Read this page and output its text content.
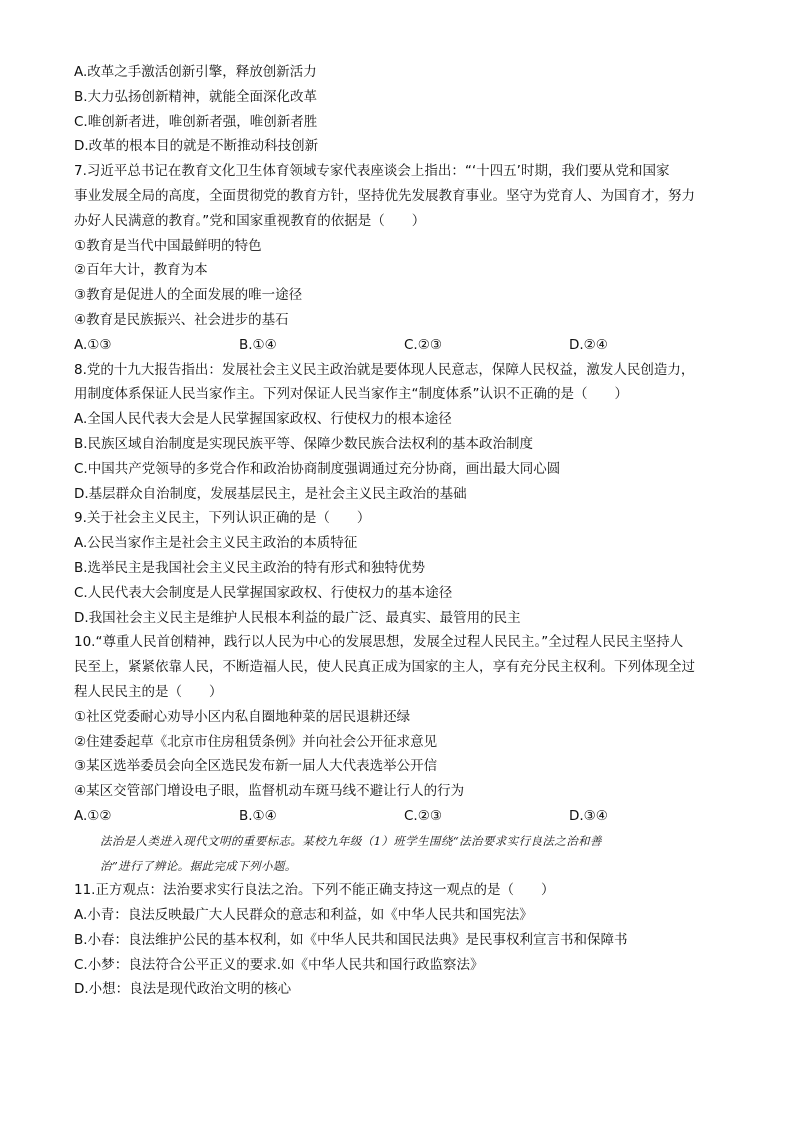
A.改革之手激活创新引擎，释放创新活力
B.大力弘扬创新精神，就能全面深化改革
C.唯创新者进，唯创新者强，唯创新者胜
D.改革的根本目的就是不断推动科技创新
7.习近平总书记在教育文化卫生体育领域专家代表座谈会上指出：“‘十四五’时期，我们要从党和国家
事业发展全局的高度，全面贯彻党的教育方针，坚持优先发展教育事业。坚守为党育人、为国育才，努力
办好人民满意的教育。”党和国家重视教育的依据是（　　）
①教育是当代中国最鲜明的特色
②百年大计，教育为本
③教育是促进人的全面发展的唯一途径
④教育是民族振兴、社会进步的基石
A.①③	B.①④	C.②③	D.②④
8.党的十九大报告指出：发展社会主义民主政治就是要体现人民意志，保障人民权益，激发人民创造力，
用制度体系保证人民当家作主。下列对保证人民当家作主“制度体系”认识不正确的是（　　）
A.全国人民代表大会是人民掌握国家政权、行使权力的根本途径
B.民族区域自治制度是实现民族平等、保障少数民族合法权利的基本政治制度
C.中国共产党领导的多党合作和政治协商制度强调通过充分协商，画出最大同心圆
D.基层群众自治制度，发展基层民主，是社会主义民主政治的基础
9.关于社会主义民主，下列认识正确的是（　　）
A.公民当家作主是社会主义民主政治的本质特征
B.选举民主是我国社会主义民主政治的特有形式和独特优势
C.人民代表大会制度是人民掌握国家政权、行使权力的基本途径
D.我国社会主义民主是维护人民根本利益的最广泛、最真实、最管用的民主
10.“尊重人民首创精神，践行以人民为中心的发展思想，发展全过程人民民主。”全过程人民民主坚持人
民至上，紧紧依靠人民，不断造福人民，使人民真正成为国家的主人，享有充分民主权利。下列体现全过
程人民民主的是（　　）
①社区党委耐心劝导小区内私自圈地种菜的居民退耕还绿
②住建委起草《北京市住房租赁条例》并向社会公开征求意见
③某区选举委员会向全区选民发布新一届人大代表选举公开信
④某区交管部门增设电子眼，监督机动车斑马线不避让行人的行为
A.①②	B.①④	C.②③	D.③④
法治是人类进入现代文明的重要标志。某校九年级（1）班学生围绕“法治要求实行良法之治和善
治”进行了辨论。据此完成下列小题。
11.正方观点：法治要求实行良法之治。下列不能正确支持这一观点的是（　　）
A.小青：良法反映最广大人民群众的意志和利益，如《中华人民共和国宪法》
B.小春：良法维护公民的基本权利，如《中华人民共和国民法典》是民事权利宣言书和保障书
C.小梦：良法符合公平正义的要求.如《中华人民共和国行政监察法》
D.小想：良法是现代政治文明的核心
